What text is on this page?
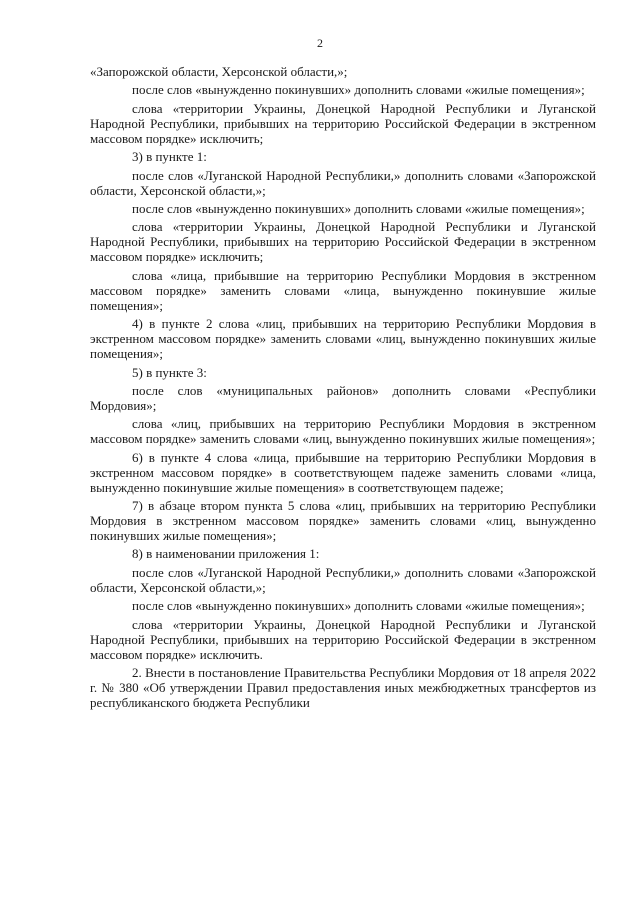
2

«Запорожской области, Херсонской области,»;

после слов «вынужденно покинувших» дополнить словами «жилые помещения»;

слова «территории Украины, Донецкой Народной Республики и Луганской Народной Республики, прибывших на территорию Российской Федерации в экстренном массовом порядке» исключить;

3) в пункте 1:

после слов «Луганской Народной Республики,» дополнить словами «Запорожской области, Херсонской области,»;

после слов «вынужденно покинувших» дополнить словами «жилые помещения»;

слова «территории Украины, Донецкой Народной Республики и Луганской Народной Республики, прибывших на территорию Российской Федерации в экстренном массовом порядке» исключить;

слова «лица, прибывшие на территорию Республики Мордовия в экстренном массовом порядке» заменить словами «лица, вынужденно покинувшие жилые помещения»;

4) в пункте 2 слова «лиц, прибывших на территорию Республики Мордовия в экстренном массовом порядке» заменить словами «лиц, вынужденно покинувших жилые помещения»;

5) в пункте 3:

после слов «муниципальных районов» дополнить словами «Республики Мордовия»;

слова «лиц, прибывших на территорию Республики Мордовия в экстренном массовом порядке» заменить словами «лиц, вынужденно покинувших жилые помещения»;

6) в пункте 4 слова «лица, прибывшие на территорию Республики Мордовия в экстренном массовом порядке» в соответствующем падеже заменить словами «лица, вынужденно покинувшие жилые помещения» в соответствующем падеже;

7) в абзаце втором пункта 5 слова «лиц, прибывших на территорию Республики Мордовия в экстренном массовом порядке» заменить словами «лиц, вынужденно покинувших жилые помещения»;

8) в наименовании приложения 1:

после слов «Луганской Народной Республики,» дополнить словами «Запорожской области, Херсонской области,»;

после слов «вынужденно покинувших» дополнить словами «жилые помещения»;

слова «территории Украины, Донецкой Народной Республики и Луганской Народной Республики, прибывших на территорию Российской Федерации в экстренном массовом порядке» исключить.

2. Внести в постановление Правительства Республики Мордовия от 18 апреля 2022 г. № 380 «Об утверждении Правил предоставления иных межбюджетных трансфертов из республиканского бюджета Республики
